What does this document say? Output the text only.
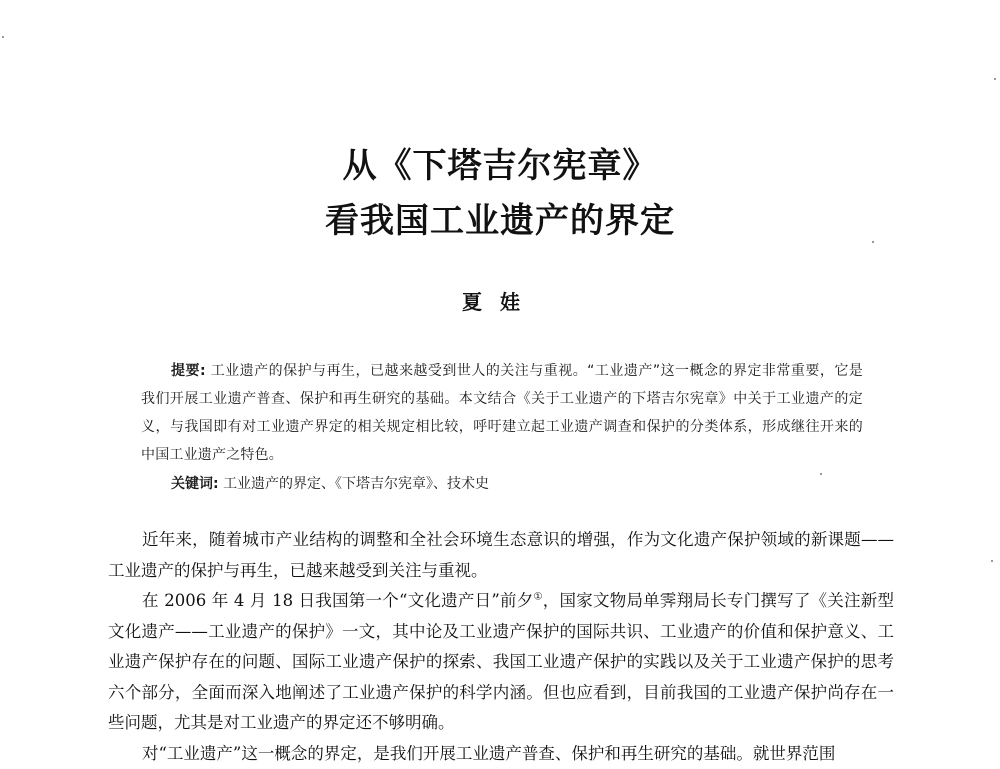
从《下塔吉尔宪章》
看我国工业遗产的界定
夏娃
提要: 工业遗产的保护与再生，已越来越受到世人的关注与重视。“工业遗产”这一概念的界定非常重要，它是我们开展工业遗产普查、保护和再生研究的基础。本文结合《关于工业遗产的下塔吉尔宪章》中关于工业遗产的定义，与我国即有对工业遗产界定的相关规定相比较，呼吁建立起工业遗产调查和保护的分类体系，形成继往开来的中国工业遗产之特色。
关键词: 工业遗产的界定、《下塔吉尔宪章》、技术史

近年来，随着城市产业结构的调整和全社会环境生态意识的增强，作为文化遗产保护领域的新课题——工业遗产的保护与再生，已越来越受到关注与重视。

在 2006 年 4 月 18 日我国第一个“文化遗产日”前夕①，国家文物局单霁翔局长专门撰写了《关注新型文化遗产——工业遗产的保护》一文，其中论及工业遗产保护的国际共识、工业遗产的价值和保护意义、工业遗产保护存在的问题、国际工业遗产保护的探索、我国工业遗产保护的实践以及关于工业遗产保护的思考六个部分，全面而深入地阐述了工业遗产保护的科学内涵。但也应看到，目前我国的工业遗产保护尚存在一些问题，尤其是对工业遗产的界定还不够明确。

对“工业遗产”这一概念的界定，是我们开展工业遗产普查、保护和再生研究的基础。就世界范围
